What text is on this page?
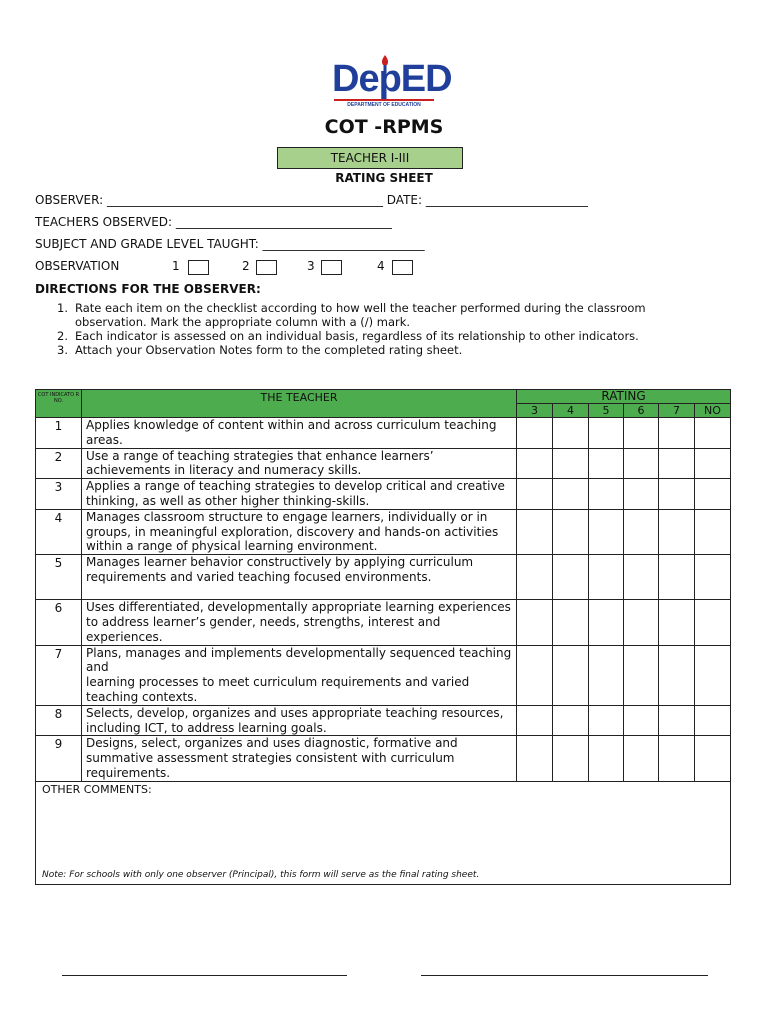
DepED
DEPARTMENT OF EDUCATION
COT -RPMS
TEACHER I-III
RATING SHEET
OBSERVER: ______________________________________________ DATE: ___________________________
TEACHERS OBSERVED: ____________________________________
SUBJECT AND GRADE LEVEL TAUGHT: ___________________________
OBSERVATION	1	2	3	4
DIRECTIONS FOR THE OBSERVER:
1. Rate each item on the checklist according to how well the teacher performed during the classroom observation. Mark the appropriate column with a (/) mark.
2. Each indicator is assessed on an individual basis, regardless of its relationship to other indicators.
3. Attach your Observation Notes form to the completed rating sheet.
COT INDICATO R NO.	THE TEACHER	RATING					
		3	4	5	6	7	NO
1	Applies knowledge of content within and across curriculum teaching areas.						
2	Use a range of teaching strategies that enhance learners’ achievements in literacy and numeracy skills.						
3	Applies a range of teaching strategies to develop critical and creative thinking, as well as other higher thinking-skills.						
4	Manages classroom structure to engage learners, individually or in groups, in meaningful exploration, discovery and hands-on activities within a range of physical learning environment.						
5	Manages learner behavior constructively by applying curriculum requirements and varied teaching focused environments.						
6	Uses differentiated, developmentally appropriate learning experiences to address learner’s gender, needs, strengths, interest and experiences.						
7	Plans, manages and implements developmentally sequenced teaching and
learning processes to meet curriculum requirements and varied teaching contexts.						
8	Selects, develop, organizes and uses appropriate teaching resources, including ICT, to address learning goals.						
9	Designs, select, organizes and uses diagnostic, formative and summative assessment strategies consistent with curriculum requirements.						

OTHER COMMENTS:
Note: For schools with only one observer (Principal), this form will serve as the final rating sheet.							
